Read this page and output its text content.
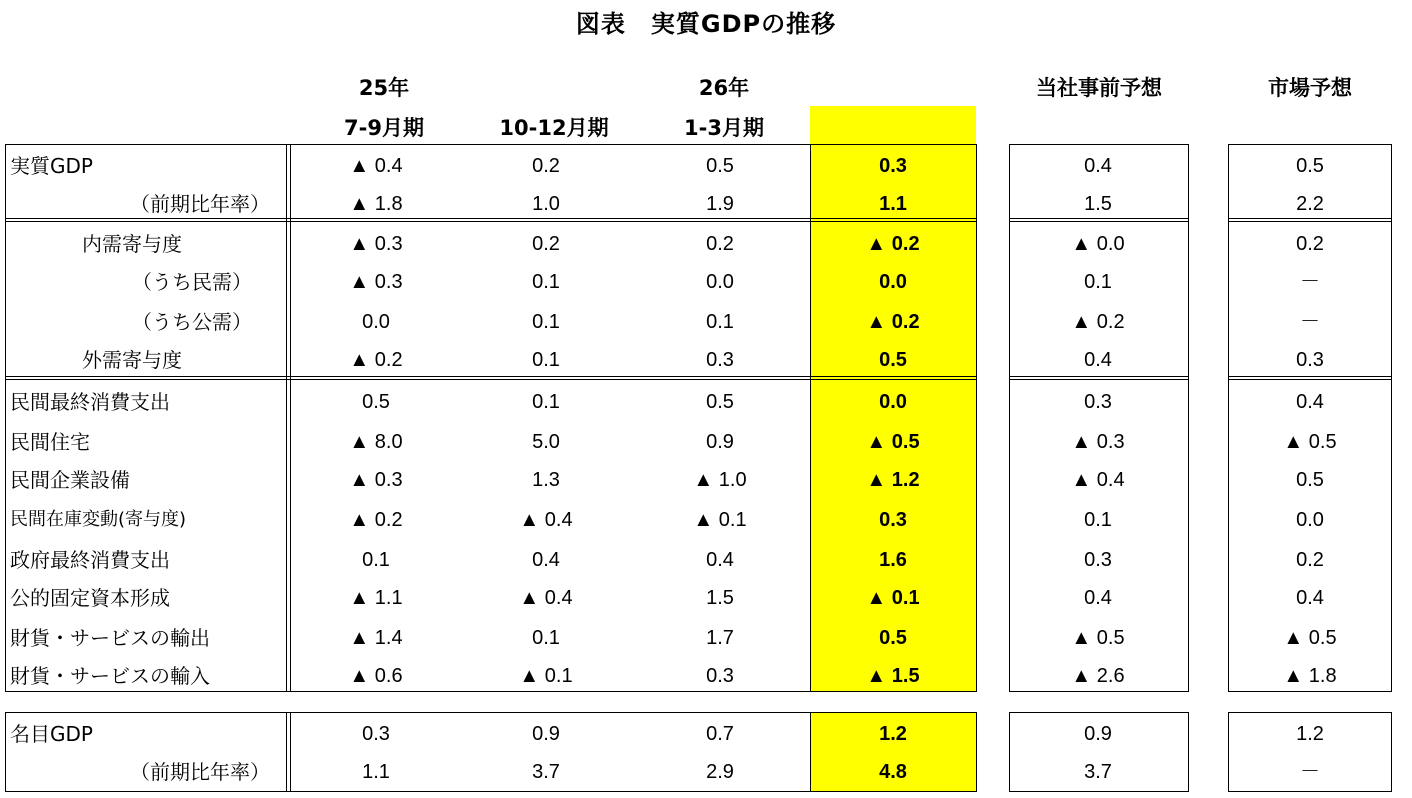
図表　実質GDPの推移
25年	26年
7-9月期	10-12月期	1-3月期
当社事前予想	市場予想
実質GDP	▲ 0.4	0.2	0.5	0.3	0.4	0.5
（前期比年率）	▲ 1.8	1.0	1.9	1.1	1.5	2.2
内需寄与度	▲ 0.3	0.2	0.2	▲ 0.2	▲ 0.0	0.2
（うち民需）	▲ 0.3	0.1	0.0	0.0	0.1	－
（うち公需）	0.0	0.1	0.1	▲ 0.2	▲ 0.2	－
外需寄与度	▲ 0.2	0.1	0.3	0.5	0.4	0.3
民間最終消費支出	0.5	0.1	0.5	0.0	0.3	0.4
民間住宅	▲ 8.0	5.0	0.9	▲ 0.5	▲ 0.3	▲ 0.5
民間企業設備	▲ 0.3	1.3	▲ 1.0	▲ 1.2	▲ 0.4	0.5
民間在庫変動(寄与度)	▲ 0.2	▲ 0.4	▲ 0.1	0.3	0.1	0.0
政府最終消費支出	0.1	0.4	0.4	1.6	0.3	0.2
公的固定資本形成	▲ 1.1	▲ 0.4	1.5	▲ 0.1	0.4	0.4
財貨・サービスの輸出	▲ 1.4	0.1	1.7	0.5	▲ 0.5	▲ 0.5
財貨・サービスの輸入	▲ 0.6	▲ 0.1	0.3	▲ 1.5	▲ 2.6	▲ 1.8
名目GDP	0.3	0.9	0.7	1.2	0.9	1.2
（前期比年率）	1.1	3.7	2.9	4.8	3.7	－
